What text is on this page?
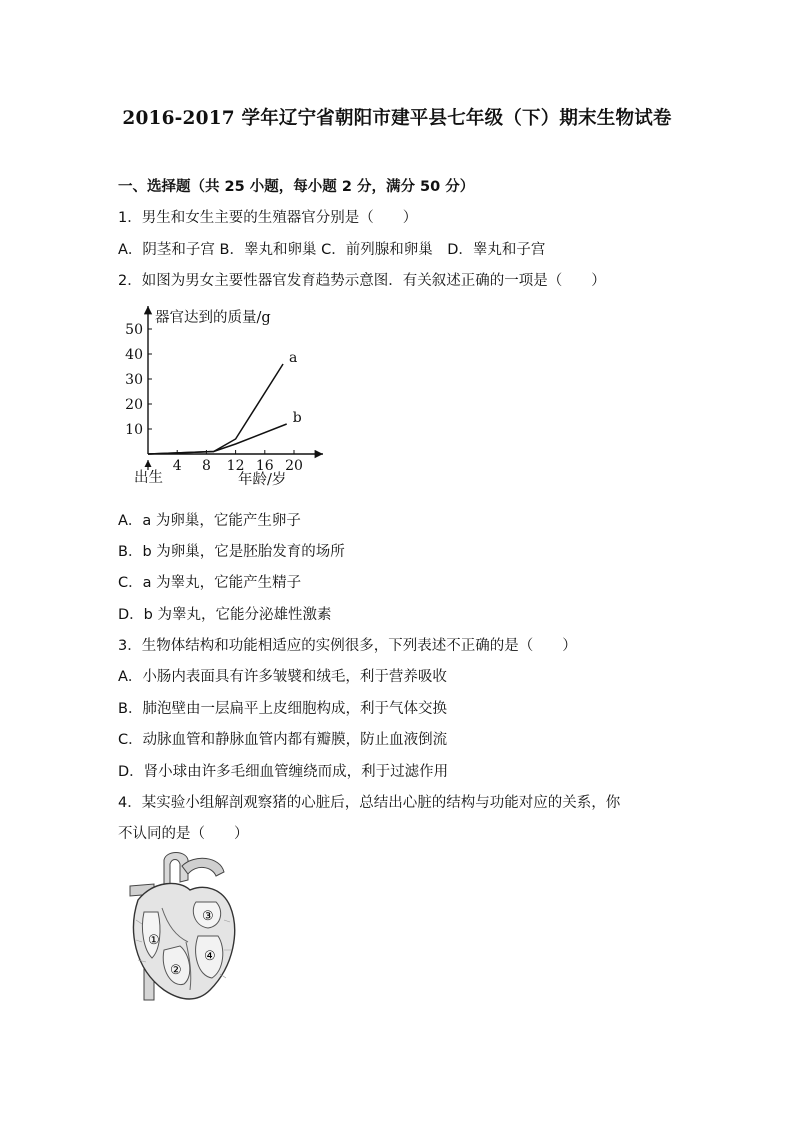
2016-2017 学年辽宁省朝阳市建平县七年级（下）期末生物试卷
一、选择题（共 25 小题，每小题 2 分，满分 50 分）
1．男生和女生主要的生殖器官分别是（　　）
A．阴茎和子宫 B．睾丸和卵巢 C．前列腺和卵巢　D．睾丸和子宫
2．如图为男女主要性器官发育趋势示意图．有关叙述正确的一项是（　　）
4 8 12 16 20
10
20
30
40
50
a
b
器官达到的质量/g
年龄/岁
出生
A．a 为卵巢，它能产生卵子
B．b 为卵巢，它是胚胎发育的场所
C．a 为睾丸，它能产生精子
D．b 为睾丸，它能分泌雄性激素
3．生物体结构和功能相适应的实例很多，下列表述不正确的是（　　）
A．小肠内表面具有许多皱襞和绒毛，利于营养吸收
B．肺泡壁由一层扁平上皮细胞构成，利于气体交换
C．动脉血管和静脉血管内都有瓣膜，防止血液倒流
D．肾小球由许多毛细血管缠绕而成，利于过滤作用
4．某实验小组解剖观察猪的心脏后，总结出心脏的结构与功能对应的关系，你
不认同的是（　　）
①
②
③
④
